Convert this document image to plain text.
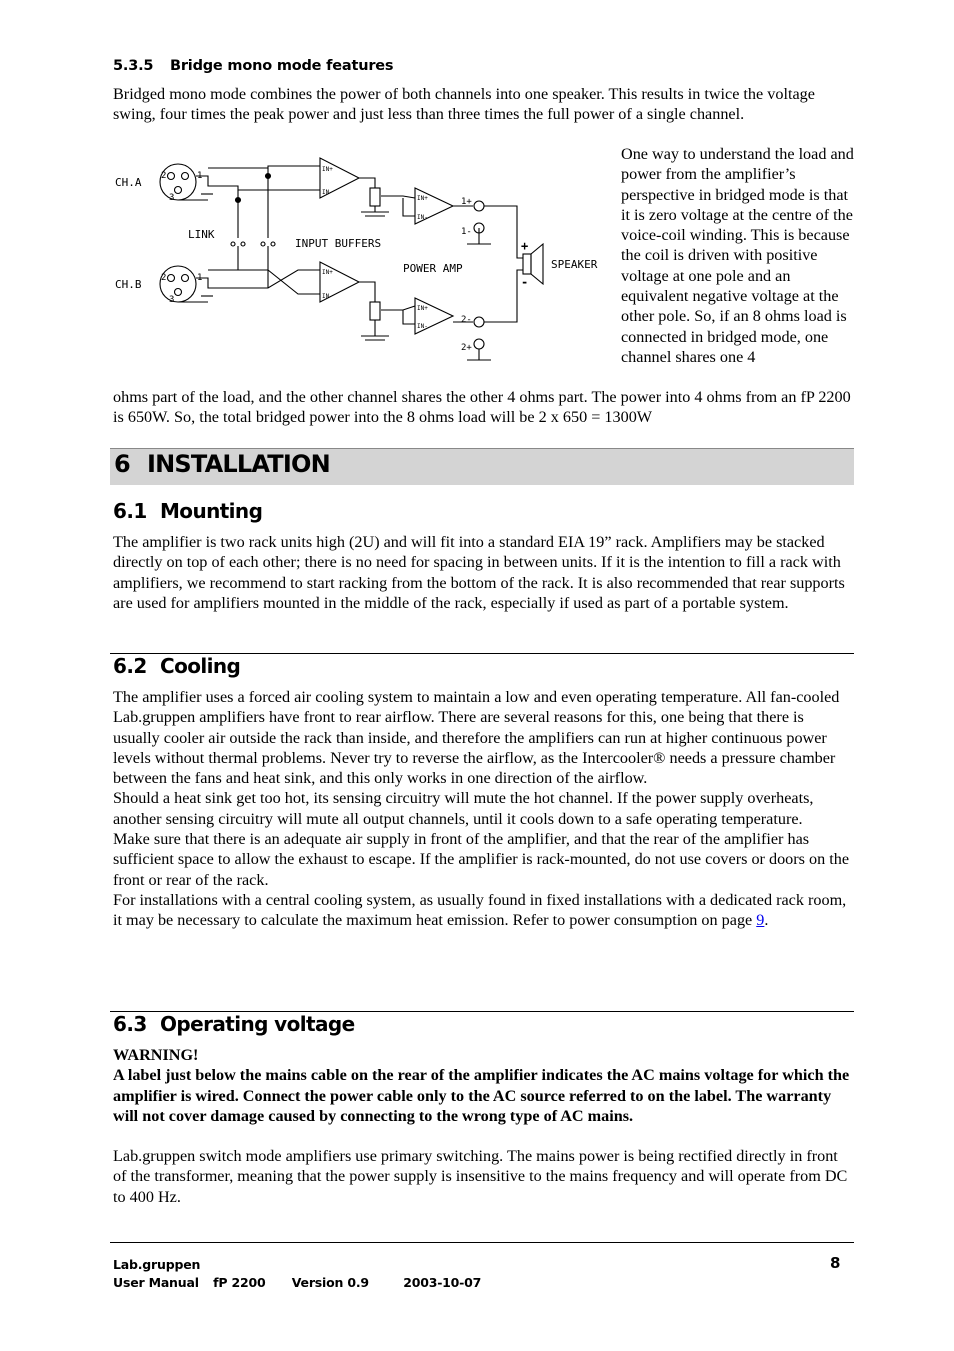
5.3.5 Bridge mono mode features
Bridged mono mode combines the power of both channels into one speaker. This results in twice the voltage swing, four times the peak power and just less than three times the full power of a single channel.
CH.A
CH.B
LINK
INPUT BUFFERS
POWER AMP	SPEAKER
1+
1-
2-
2+
+
-
2	1
3
2	1
3
IN+
IN-
IN+
IN-
IN+
IN-
IN+
IN-
One way to understand the load and power from the amplifier’s perspective in bridged mode is that it is zero voltage at the centre of the voice-coil winding. This is because the coil is driven with positive voltage at one pole and an equivalent negative voltage at the other pole. So, if an 8 ohms load is connected in bridged mode, one channel shares one 4
ohms part of the load, and the other channel shares the other 4 ohms part. The power into 4 ohms from an fP 2200 is 650W. So, the total bridged power into the 8 ohms load will be 2 x 650 = 1300W
6 INSTALLATION
6.1 Mounting
The amplifier is two rack units high (2U) and will fit into a standard EIA 19” rack. Amplifiers may be stacked directly on top of each other; there is no need for spacing in between units. If it is the intention to fill a rack with amplifiers, we recommend to start racking from the bottom of the rack. It is also recommended that rear supports are used for amplifiers mounted in the middle of the rack, especially if used as part of a portable system.
6.2 Cooling

The amplifier uses a forced air cooling system to maintain a low and even operating temperature. All fan-cooled Lab.gruppen amplifiers have front to rear airflow. There are several reasons for this, one being that there is usually cooler air outside the rack than inside, and therefore the amplifiers can run at higher continuous power levels without thermal problems. Never try to reverse the airflow, as the Intercooler® needs a pressure chamber between the fans and heat sink, and this only works in one direction of the airflow.

Should a heat sink get too hot, its sensing circuitry will mute the hot channel. If the power supply overheats, another sensing circuitry will mute all output channels, until it cools down to a safe operating temperature.

Make sure that there is an adequate air supply in front of the amplifier, and that the rear of the amplifier has sufficient space to allow the exhaust to escape. If the amplifier is rack-mounted, do not use covers or doors on the front or rear of the rack.

For installations with a central cooling system, as usually found in fixed installations with a dedicated rack room, it may be necessary to calculate the maximum heat emission. Refer to power consumption on page 9.

6.3 Operating voltage

WARNING!

A label just below the mains cable on the rear of the amplifier indicates the AC mains voltage for which the amplifier is wired. Connect the power cable only to the AC source referred to on the label. The warranty will not cover damage caused by connecting to the wrong type of AC mains.

Lab.gruppen switch mode amplifiers use primary switching. The mains power is being rectified directly in front of the transformer, meaning that the power supply is insensitive to the mains frequency and will operate from DC to 400 Hz.

Lab.gruppen
User Manual fP 2200 Version 0.9	2003-10-07
8
